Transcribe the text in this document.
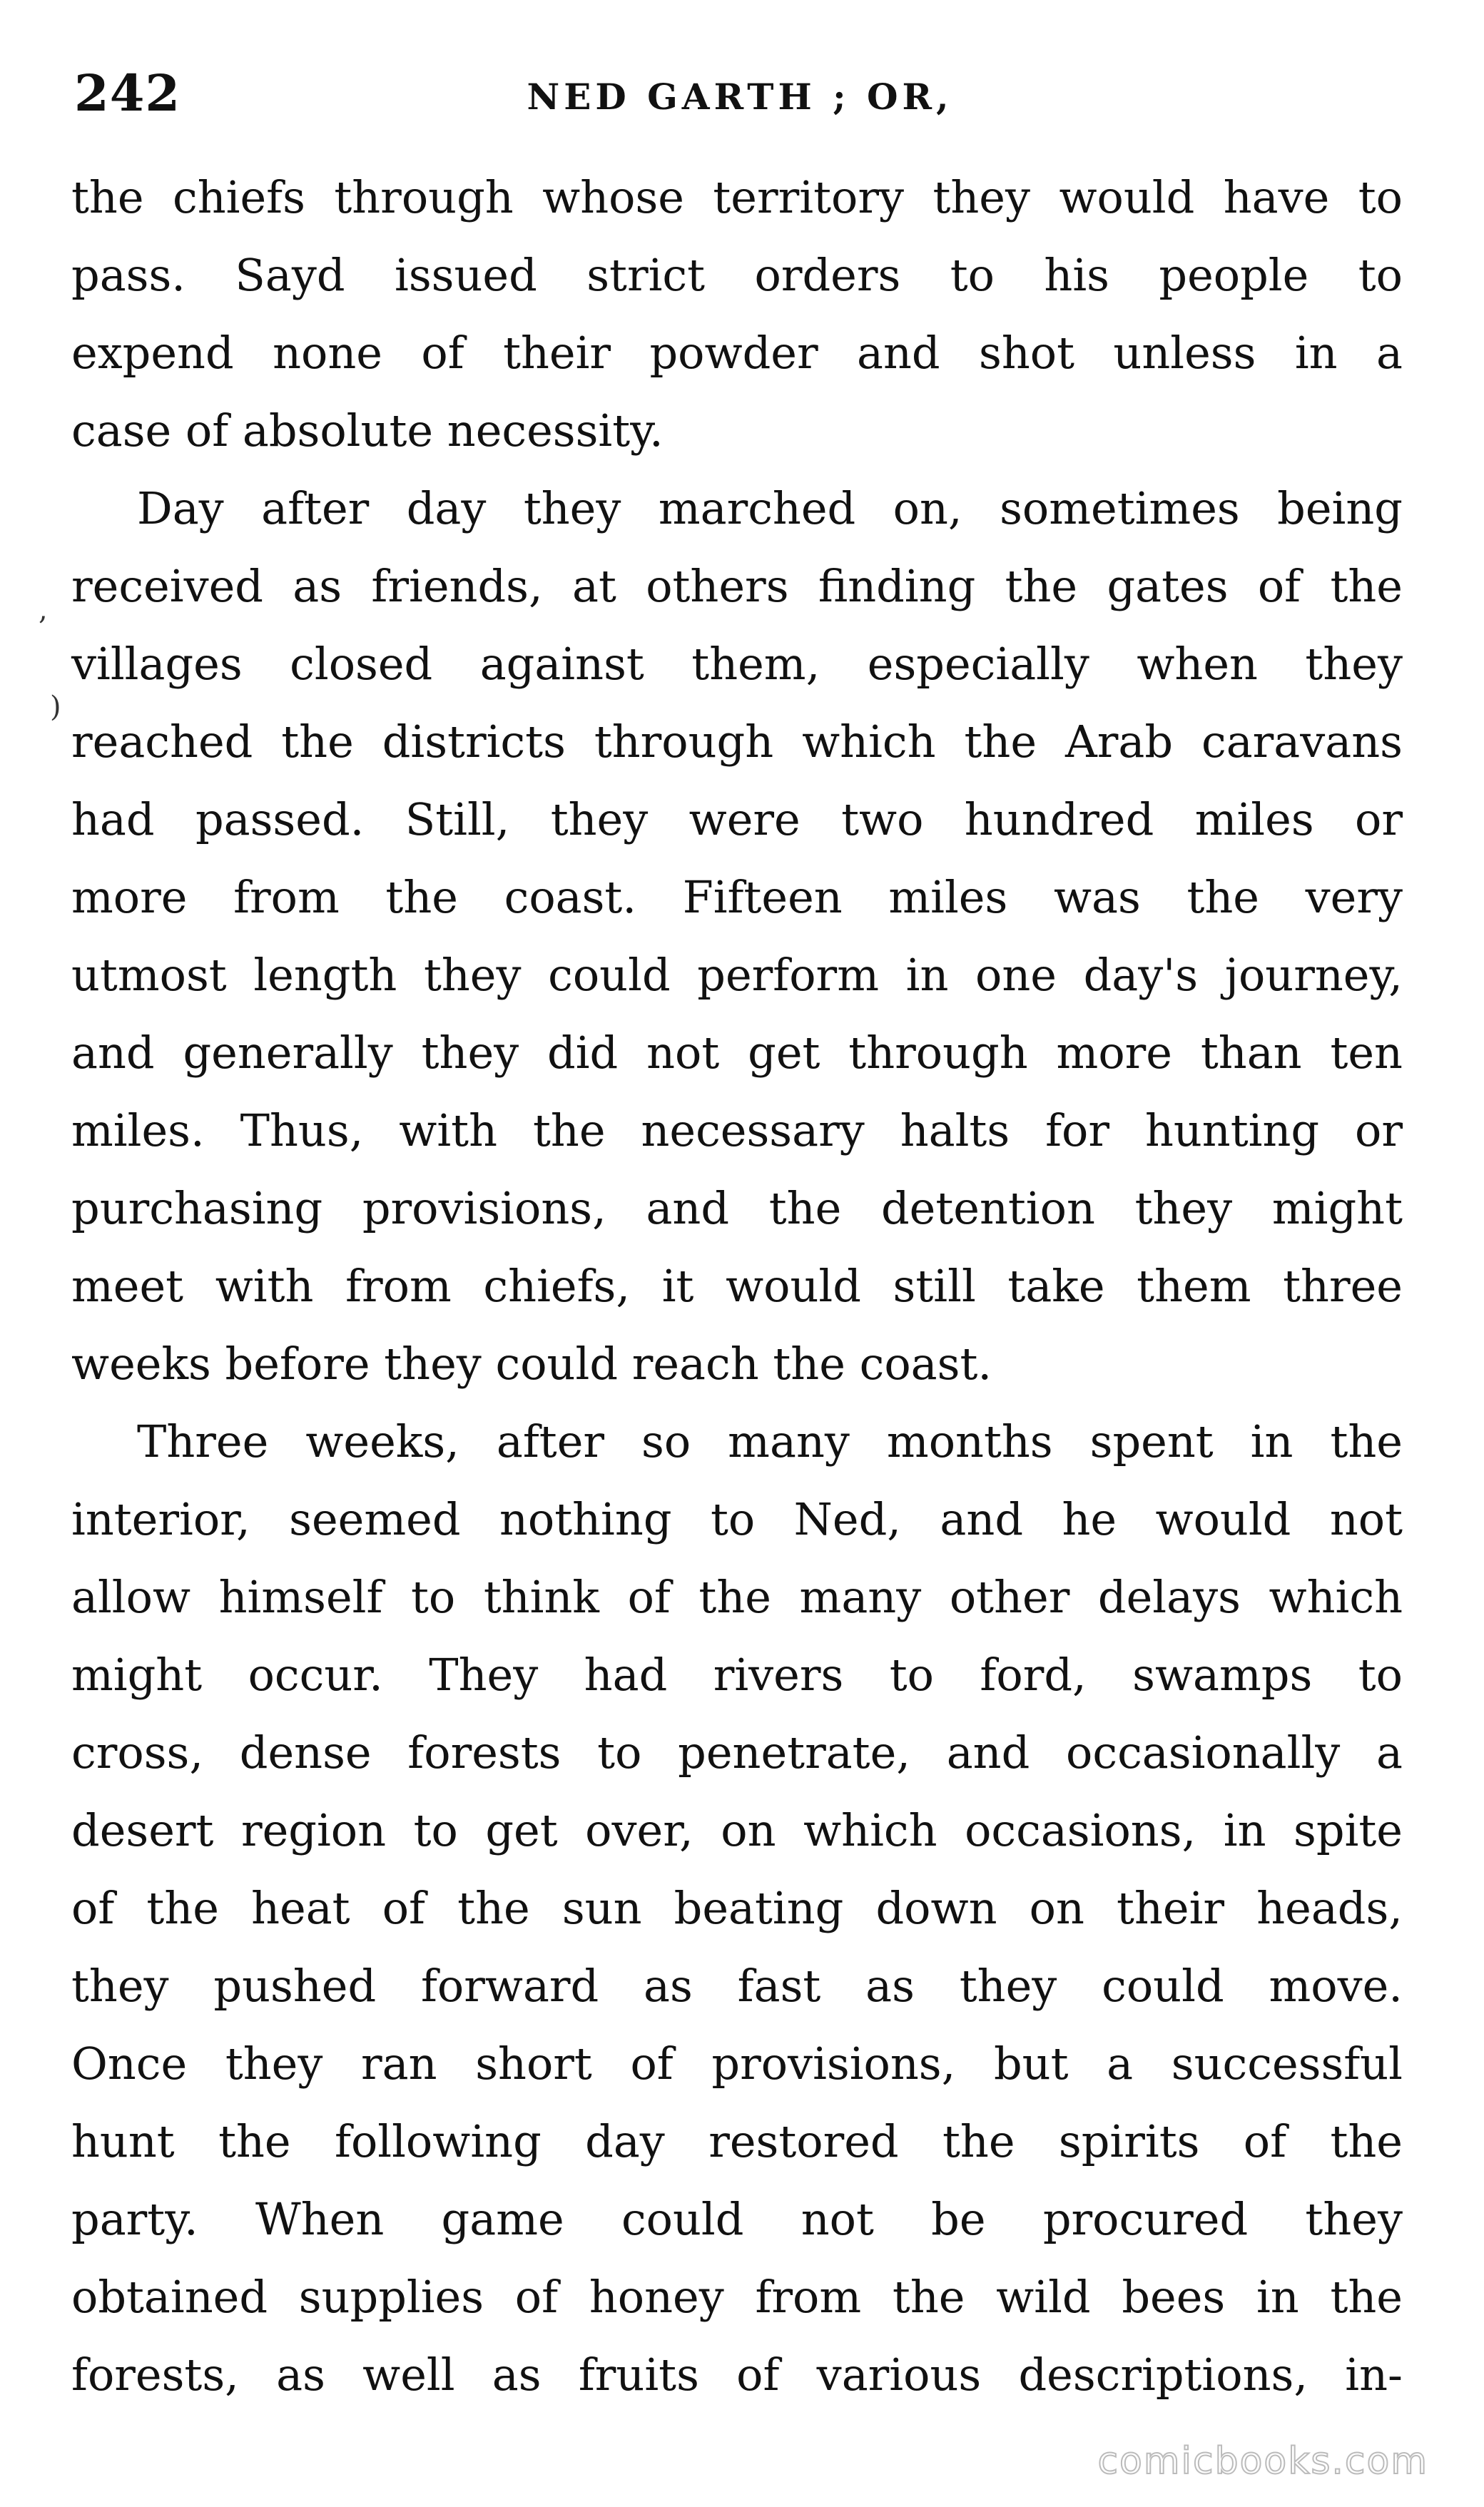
242	NED GARTH ; OR,
,
)
the chiefs through whose territory they would have to
pass. Sayd issued strict orders to his people to
expend none of their powder and shot unless in a
case of absolute necessity.
Day after day they marched on, sometimes being
received as friends, at others finding the gates of the
villages closed against them, especially when they
reached the districts through which the Arab caravans
had passed. Still, they were two hundred miles or
more from the coast. Fifteen miles was the very
utmost length they could perform in one day's journey,
and generally they did not get through more than ten
miles. Thus, with the necessary halts for hunting or
purchasing provisions, and the detention they might
meet with from chiefs, it would still take them three
weeks before they could reach the coast.
Three weeks, after so many months spent in the
interior, seemed nothing to Ned, and he would not
allow himself to think of the many other delays which
might occur. They had rivers to ford, swamps to
cross, dense forests to penetrate, and occasionally a
desert region to get over, on which occasions, in spite
of the heat of the sun beating down on their heads,
they pushed forward as fast as they could move.
Once they ran short of provisions, but a successful
hunt the following day restored the spirits of the
party. When game could not be procured they
obtained supplies of honey from the wild bees in the
forests, as well as fruits of various descriptions, in-
comicbooks.com
